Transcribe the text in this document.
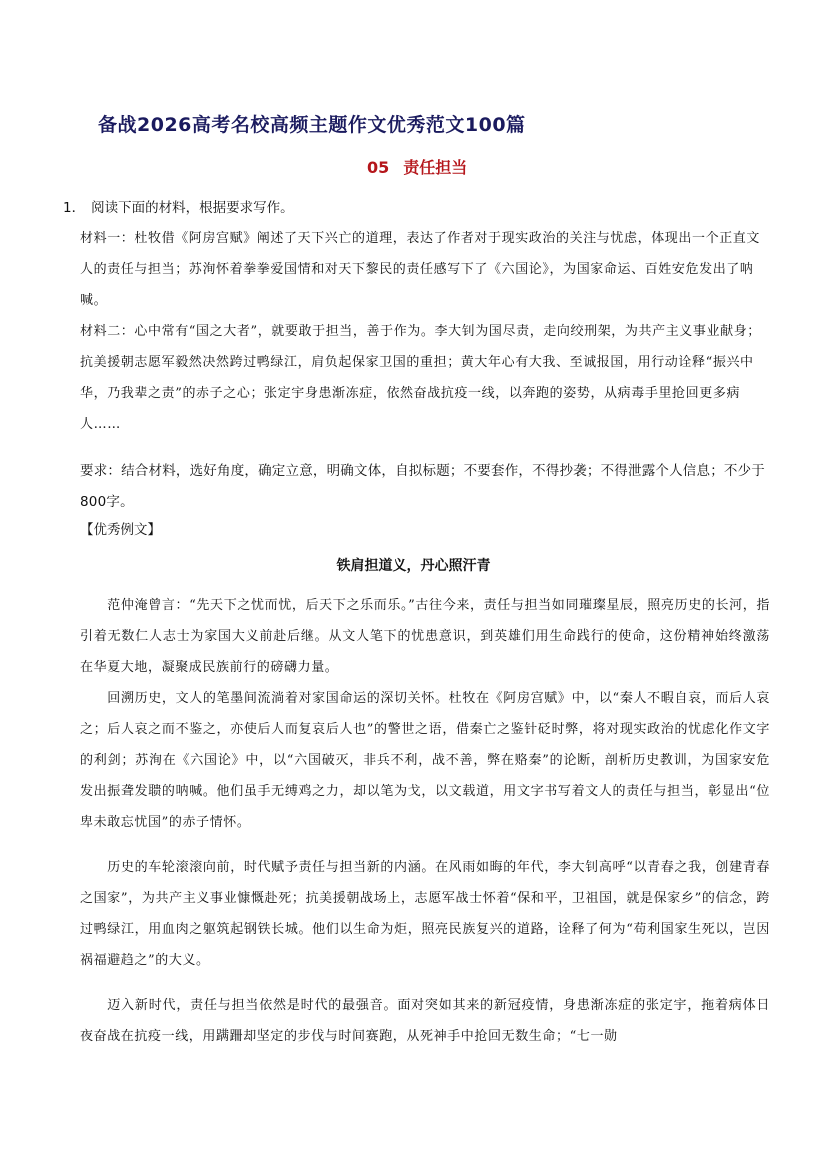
备战2026高考名校高频主题作文优秀范文100篇
05 责任担当
1． 阅读下面的材料，根据要求写作。
材料一：杜牧借《阿房宫赋》阐述了天下兴亡的道理，表达了作者对于现实政治的关注与忧虑，体现出一个正直文人的责任与担当；苏洵怀着拳拳爱国情和对天下黎民的责任感写下了《六国论》，为国家命运、百姓安危发出了呐喊。
材料二：心中常有“国之大者”，就要敢于担当，善于作为。李大钊为国尽责，走向绞刑架，为共产主义事业献身；抗美援朝志愿军毅然决然跨过鸭绿江，肩负起保家卫国的重担；黄大年心有大我、至诚报国，用行动诠释“振兴中华，乃我辈之责”的赤子之心；张定宇身患渐冻症，依然奋战抗疫一线，以奔跑的姿势，从病毒手里抢回更多病人……
要求：结合材料，选好角度，确定立意，明确文体，自拟标题；不要套作，不得抄袭；不得泄露个人信息；不少于800字。
【优秀例文】
铁肩担道义，丹心照汗青
范仲淹曾言：“先天下之忧而忧，后天下之乐而乐。”古往今来，责任与担当如同璀璨星辰，照亮历史的长河，指引着无数仁人志士为家国大义前赴后继。从文人笔下的忧患意识，到英雄们用生命践行的使命，这份精神始终激荡在华夏大地，凝聚成民族前行的磅礴力量。
回溯历史，文人的笔墨间流淌着对家国命运的深切关怀。杜牧在《阿房宫赋》中，以“秦人不暇自哀，而后人哀之；后人哀之而不鉴之，亦使后人而复哀后人也”的警世之语，借秦亡之鉴针砭时弊，将对现实政治的忧虑化作文字的利剑；苏洵在《六国论》中，以“六国破灭，非兵不利，战不善，弊在赂秦”的论断，剖析历史教训，为国家安危发出振聋发聩的呐喊。他们虽手无缚鸡之力，却以笔为戈，以文载道，用文字书写着文人的责任与担当，彰显出“位卑未敢忘忧国”的赤子情怀。
历史的车轮滚滚向前，时代赋予责任与担当新的内涵。在风雨如晦的年代，李大钊高呼“以青春之我，创建青春之国家”，为共产主义事业慷慨赴死；抗美援朝战场上，志愿军战士怀着“保和平，卫祖国，就是保家乡”的信念，跨过鸭绿江，用血肉之躯筑起钢铁长城。他们以生命为炬，照亮民族复兴的道路，诠释了何为“苟利国家生死以，岂因祸福避趋之”的大义。
迈入新时代，责任与担当依然是时代的最强音。面对突如其来的新冠疫情，身患渐冻症的张定宇，拖着病体日夜奋战在抗疫一线，用蹒跚却坚定的步伐与时间赛跑，从死神手中抢回无数生命；“七一勋
